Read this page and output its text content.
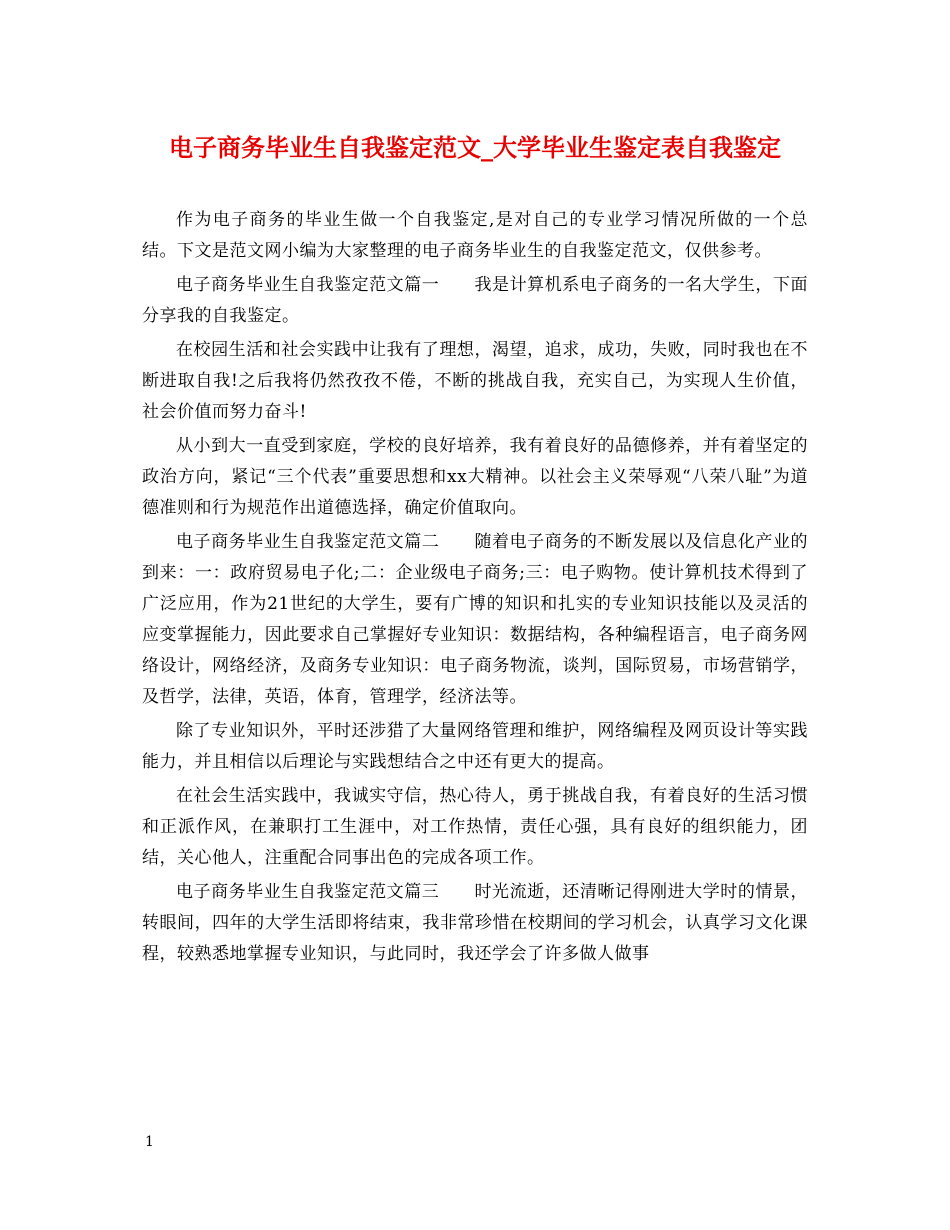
电子商务毕业生自我鉴定范文_大学毕业生鉴定表自我鉴定

作为电子商务的毕业生做一个自我鉴定,是对自己的专业学习情况所做的一个总结。下文是范文网小编为大家整理的电子商务毕业生的自我鉴定范文，仅供参考。

电子商务毕业生自我鉴定范文篇一　　我是计算机系电子商务的一名大学生，下面分享我的自我鉴定。

在校园生活和社会实践中让我有了理想，渴望，追求，成功，失败，同时我也在不断进取自我!之后我将仍然孜孜不倦，不断的挑战自我，充实自己，为实现人生价值，社会价值而努力奋斗!

从小到大一直受到家庭，学校的良好培养，我有着良好的品德修养，并有着坚定的政治方向，紧记“三个代表”重要思想和xx大精神。以社会主义荣辱观“八荣八耻”为道德准则和行为规范作出道德选择，确定价值取向。

电子商务毕业生自我鉴定范文篇二　　随着电子商务的不断发展以及信息化产业的到来：一：政府贸易电子化;二：企业级电子商务;三：电子购物。使计算机技术得到了广泛应用，作为21世纪的大学生，要有广博的知识和扎实的专业知识技能以及灵活的应变掌握能力，因此要求自己掌握好专业知识：数据结构，各种编程语言，电子商务网络设计，网络经济，及商务专业知识：电子商务物流，谈判，国际贸易，市场营销学，及哲学，法律，英语，体育，管理学，经济法等。

除了专业知识外，平时还涉猎了大量网络管理和维护，网络编程及网页设计等实践能力，并且相信以后理论与实践想结合之中还有更大的提高。

在社会生活实践中，我诚实守信，热心待人，勇于挑战自我，有着良好的生活习惯和正派作风，在兼职打工生涯中，对工作热情，责任心强，具有良好的组织能力，团结，关心他人，注重配合同事出色的完成各项工作。

电子商务毕业生自我鉴定范文篇三　　时光流逝，还清晰记得刚进大学时的情景，转眼间，四年的大学生活即将结束，我非常珍惜在校期间的学习机会，认真学习文化课程，较熟悉地掌握专业知识，与此同时，我还学会了许多做人做事

1
